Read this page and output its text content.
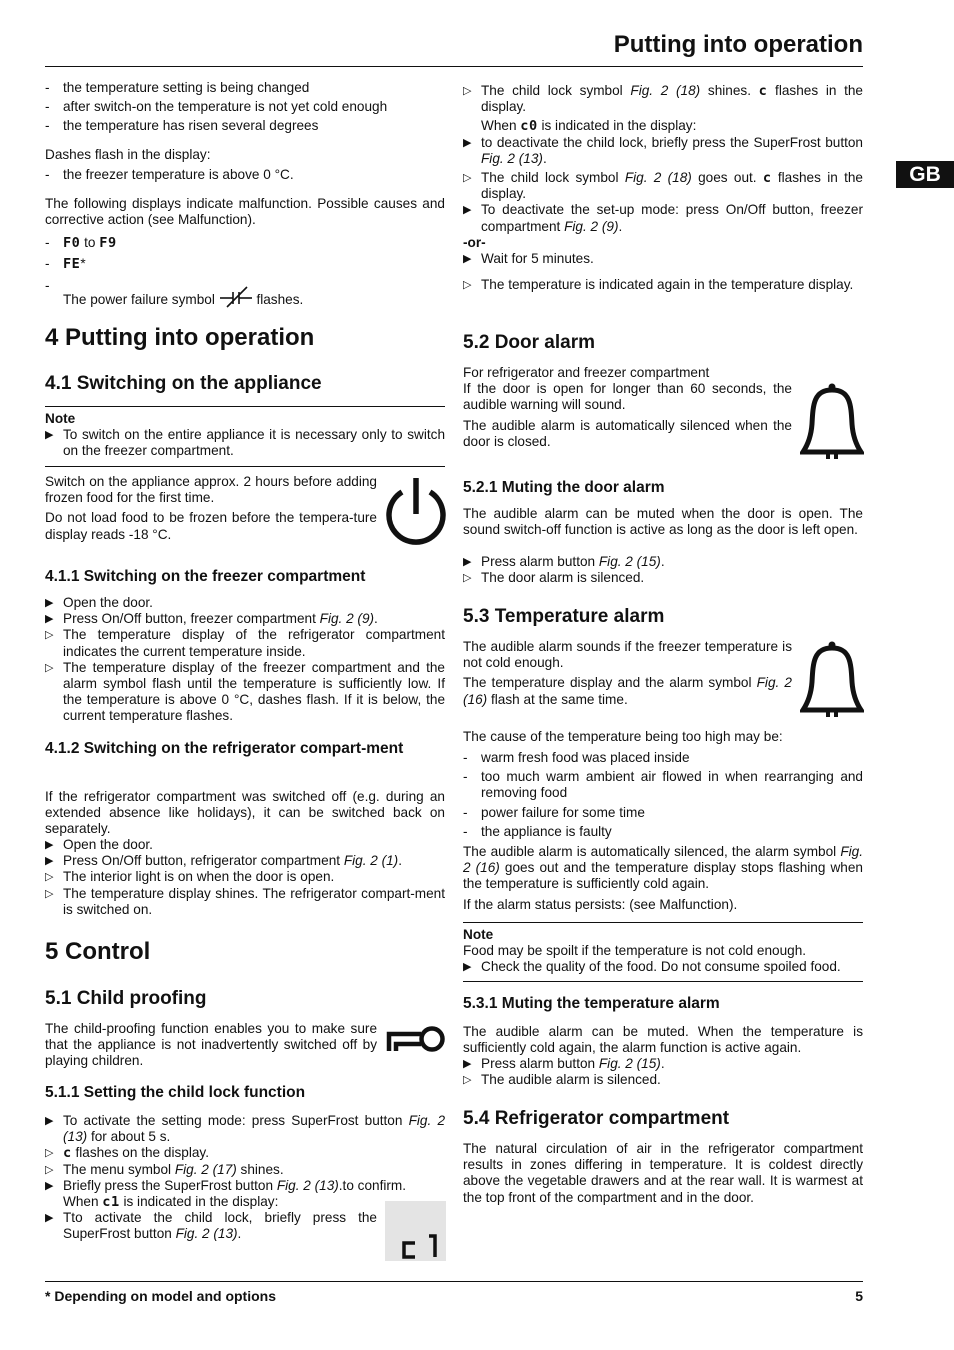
Putting into operation
GB
- the temperature setting is being changed
- after switch-on the temperature is not yet cold enough
- the temperature has risen several degrees

Dashes flash in the display:

- the freezer temperature is above 0 °C.

The following displays indicate malfunction. Possible causes and corrective action (see Malfunction).

- F0 to F9
- FE*
-
The power failure symbol	flashes.
4 Putting into operation
4.1 Switching on the appliance
Note
▶ To switch on the entire appliance it is necessary only to switch on the freezer compartment.

Switch on the appliance approx. 2 hours before adding frozen food for the first time.

Do not load food to be frozen before the tempera-ture display reads -18 °C.

4.1.1 Switching on the freezer compartment
▶ Open the door.
▶ Press On/Off button, freezer compartment Fig. 2 (9).
▷ The temperature display of the refrigerator compartment indicates the current temperature inside.
▷ The temperature display of the freezer compartment and the alarm symbol flash until the temperature is sufficiently low. If the temperature is above 0 °C, dashes flash. If it is below, the current temperature flashes.
4.1.2 Switching on the refrigerator compart-ment

If the refrigerator compartment was switched off (e.g. during an extended absence like holidays), it can be switched back on separately.

▶ Open the door.
▶ Press On/Off button, refrigerator compartment Fig. 2 (1).
▷ The interior light is on when the door is open.
▷ The temperature display shines. The refrigerator compart-ment is switched on.
5 Control
5.1 Child proofing

The child-proofing function enables you to make sure that the appliance is not inadvertently switched off by playing children.

5.1.1 Setting the child lock function
▶ To activate the setting mode: press SuperFrost button Fig. 2 (13) for about 5 s.
▷ c flashes on the display.
▷ The menu symbol Fig. 2 (17) shines.
▶ Briefly press the SuperFrost button Fig. 2 (13).to confirm.
When c1 is indicated in the display:
▶ Tto activate the child lock, briefly press the SuperFrost button Fig. 2 (13).
▷ The child lock symbol Fig. 2 (18) shines. c flashes in the display.
When c0 is indicated in the display:
▶ to deactivate the child lock, briefly press the SuperFrost button Fig. 2 (13).
▷ The child lock symbol Fig. 2 (18) goes out. c flashes in the display.
▶ To deactivate the set-up mode: press On/Off button, freezer compartment Fig. 2 (9).
-or-
▶ Wait for 5 minutes.
▷ The temperature is indicated again in the temperature display.
5.2 Door alarm

For refrigerator and freezer compartment

If the door is open for longer than 60 seconds, the audible warning will sound.

The audible alarm is automatically silenced when the door is closed.

5.2.1 Muting the door alarm

The audible alarm can be muted when the door is open. The sound switch-off function is active as long as the door is left open.

▶ Press alarm button Fig. 2 (15).
▷ The door alarm is silenced.
5.3 Temperature alarm

The audible alarm sounds if the freezer temperature is not cold enough.

The temperature display and the alarm symbol Fig. 2 (16) flash at the same time.

The cause of the temperature being too high may be:

- warm fresh food was placed inside
- too much warm ambient air flowed in when rearranging and removing food
- power failure for some time
- the appliance is faulty

The audible alarm is automatically silenced, the alarm symbol Fig. 2 (16) goes out and the temperature display stops flashing when the temperature is sufficiently cold again.

If the alarm status persists: (see Malfunction).

Note
Food may be spoilt if the temperature is not cold enough.
▶ Check the quality of the food. Do not consume spoiled food.
5.3.1 Muting the temperature alarm

The audible alarm can be muted. When the temperature is sufficiently cold again, the alarm function is active again.

▶ Press alarm button Fig. 2 (15).
▷ The audible alarm is silenced.
5.4 Refrigerator compartment

The natural circulation of air in the refrigerator compartment results in zones differing in temperature. It is coldest directly above the vegetable drawers and at the rear wall. It is warmest at the top front of the compartment and in the door.

* Depending on model and options	5
